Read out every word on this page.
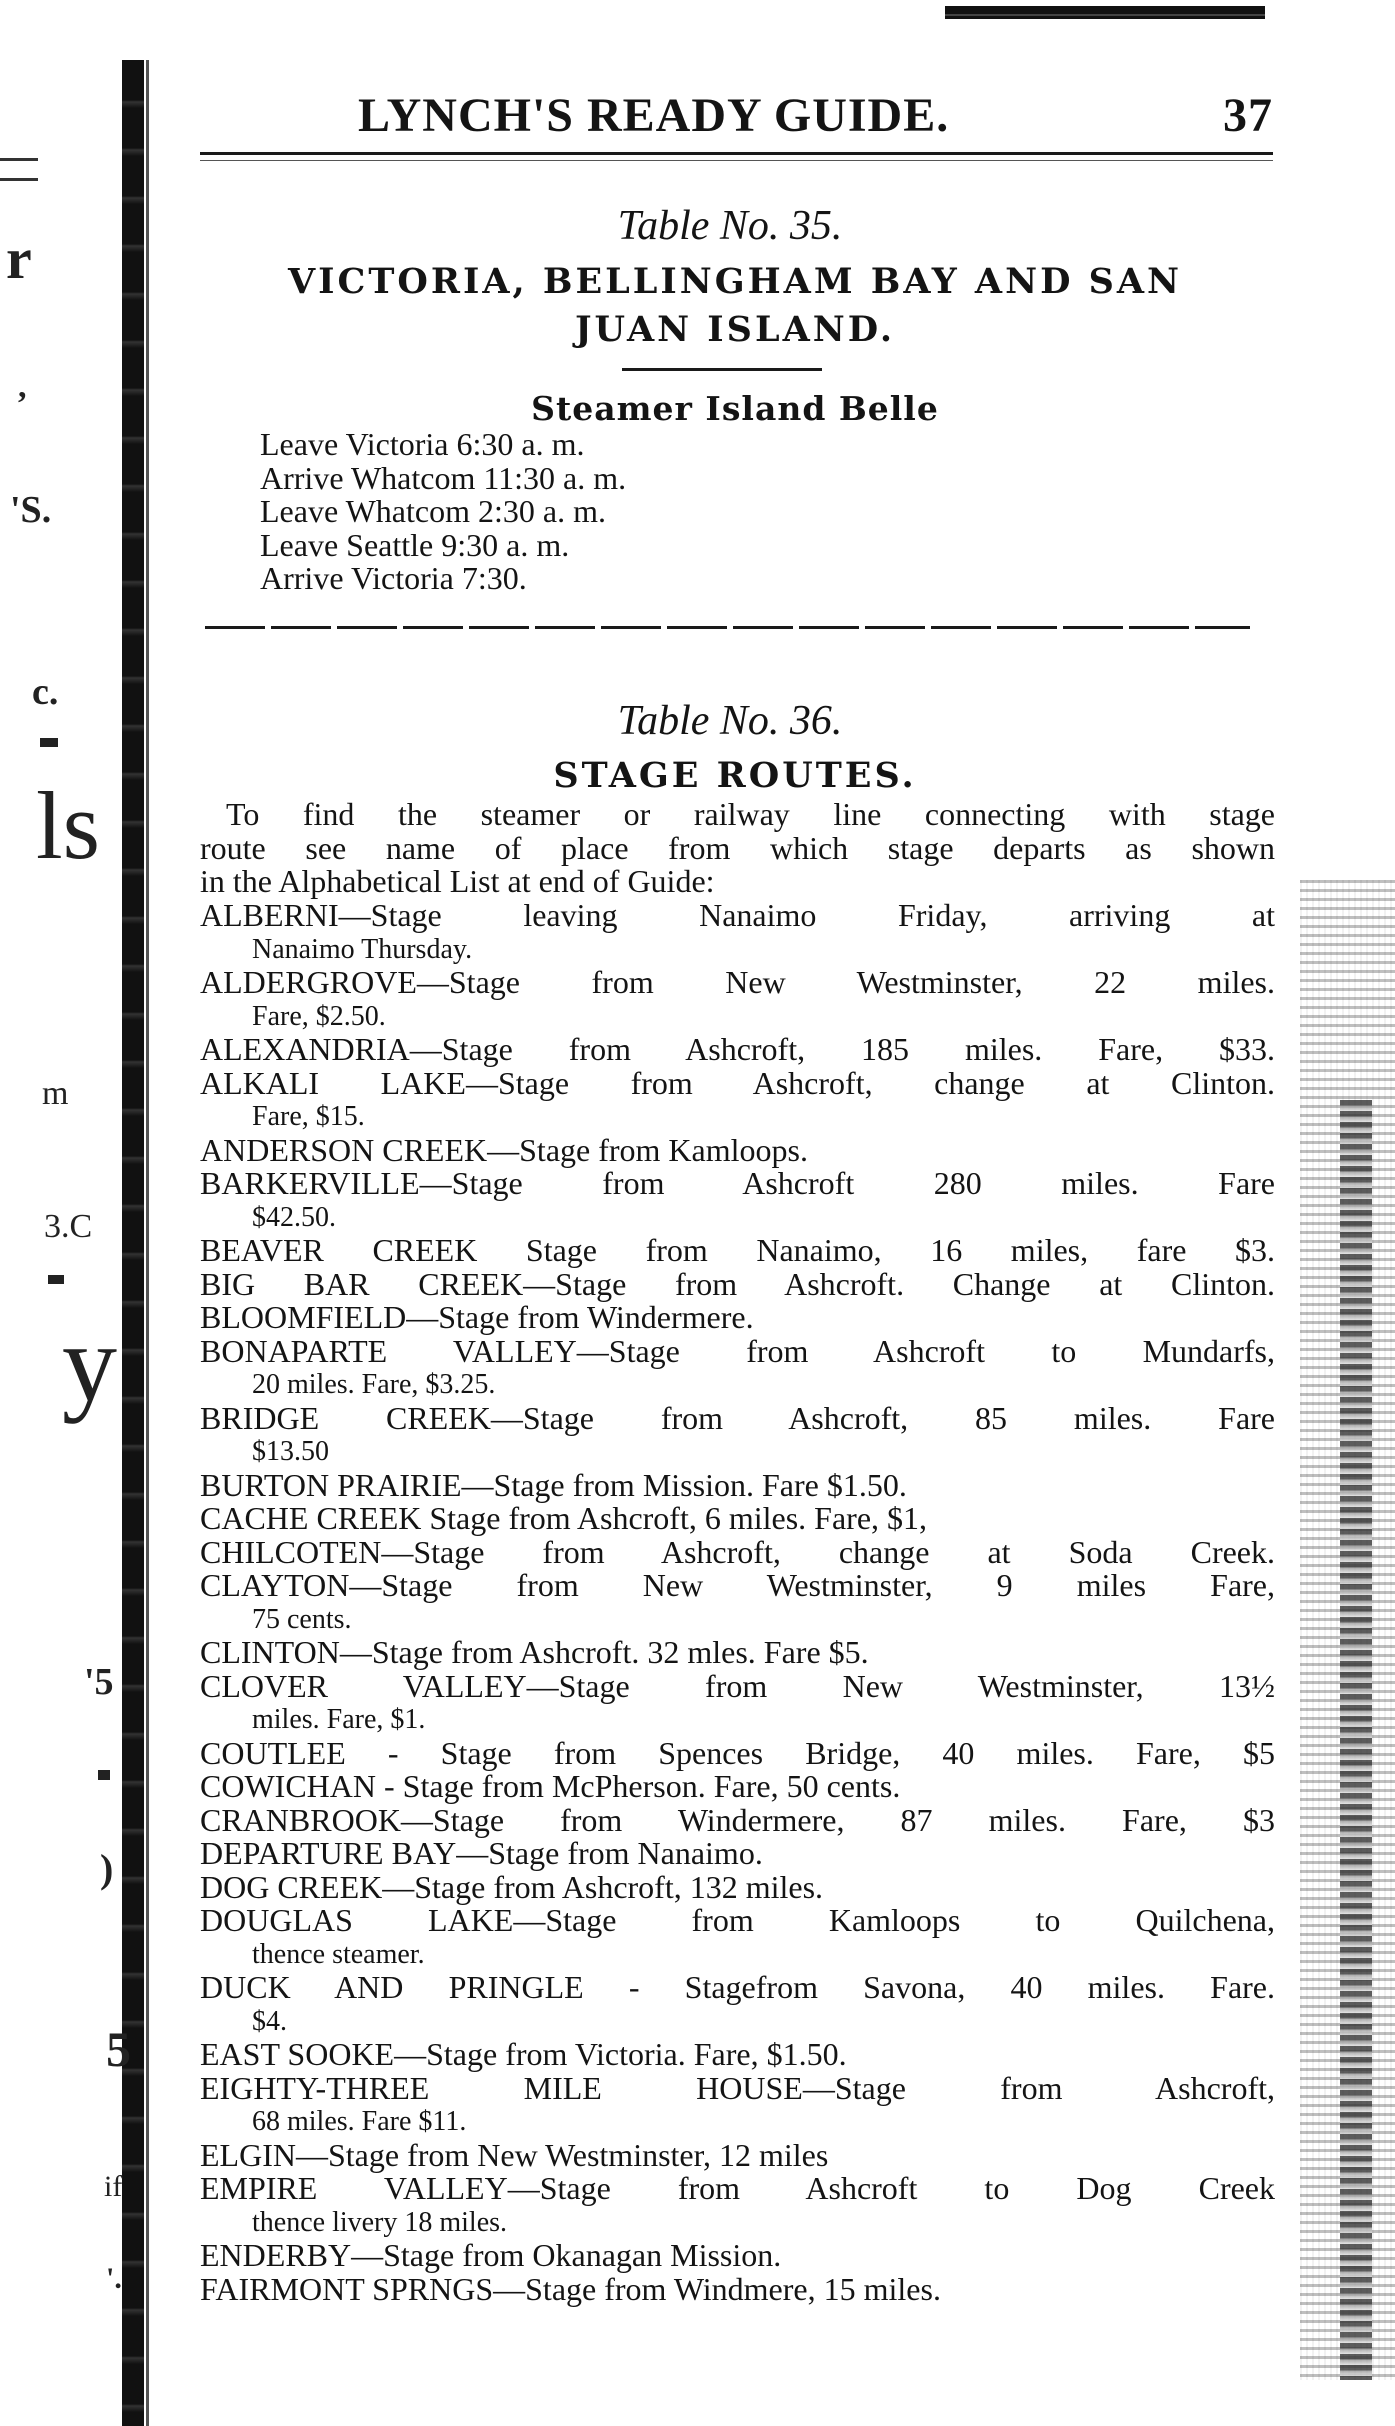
r
,
'S.
c.
ls
m
3.C
y
'5
)
5
if
'.
LYNCH'S READY GUIDE.	37
Table No. 35.
VICTORIA, BELLINGHAM BAY AND SAN
JUAN ISLAND.
Steamer Island Belle
Leave Victoria 6:30 a. m.
Arrive Whatcom 11:30 a. m.
Leave Whatcom 2:30 a. m.
Leave Seattle 9:30 a. m.
Arrive Victoria 7:30.
Table No. 36.
STAGE ROUTES.
To find the steamer or railway line connecting with stage
route see name of place from which stage departs as shown
in the Alphabetical List at end of Guide:
ALBERNI—Stage leaving Nanaimo Friday, arriving at
Nanaimo Thursday.
ALDERGROVE—Stage from New Westminster, 22 miles.
Fare, $2.50.
ALEXANDRIA—Stage from Ashcroft, 185 miles. Fare, $33.
ALKALI LAKE—Stage from Ashcroft, change at Clinton.
Fare, $15.
ANDERSON CREEK—Stage from Kamloops.
BARKERVILLE—Stage from Ashcroft 280 miles. Fare
$42.50.
BEAVER CREEK Stage from Nanaimo, 16 miles, fare $3.
BIG BAR CREEK—Stage from Ashcroft. Change at Clinton.
BLOOMFIELD—Stage from Windermere.
BONAPARTE VALLEY—Stage from Ashcroft to Mundarfs,
20 miles. Fare, $3.25.
BRIDGE CREEK—Stage from Ashcroft, 85 miles. Fare
$13.50
BURTON PRAIRIE—Stage from Mission. Fare $1.50.
CACHE CREEK Stage from Ashcroft, 6 miles. Fare, $1,
CHILCOTEN—Stage from Ashcroft, change at Soda Creek.
CLAYTON—Stage from New Westminster, 9 miles Fare,
75 cents.
CLINTON—Stage from Ashcroft. 32 mles. Fare $5.
CLOVER VALLEY—Stage from New Westminster, 13½
miles. Fare, $1.
COUTLEE - Stage from Spences Bridge, 40 miles. Fare, $5
COWICHAN - Stage from McPherson. Fare, 50 cents.
CRANBROOK—Stage from Windermere, 87 miles. Fare, $3
DEPARTURE BAY—Stage from Nanaimo.
DOG CREEK—Stage from Ashcroft, 132 miles.
DOUGLAS LAKE—Stage from Kamloops to Quilchena,
thence steamer.
DUCK AND PRINGLE - Stagefrom Savona, 40 miles. Fare.
$4.
EAST SOOKE—Stage from Victoria. Fare, $1.50.
EIGHTY-THREE MILE HOUSE—Stage from Ashcroft,
68 miles. Fare $11.
ELGIN—Stage from New Westminster, 12 miles
EMPIRE VALLEY—Stage from Ashcroft to Dog Creek
thence livery 18 miles.
ENDERBY—Stage from Okanagan Mission.
FAIRMONT SPRNGS—Stage from Windmere, 15 miles.
